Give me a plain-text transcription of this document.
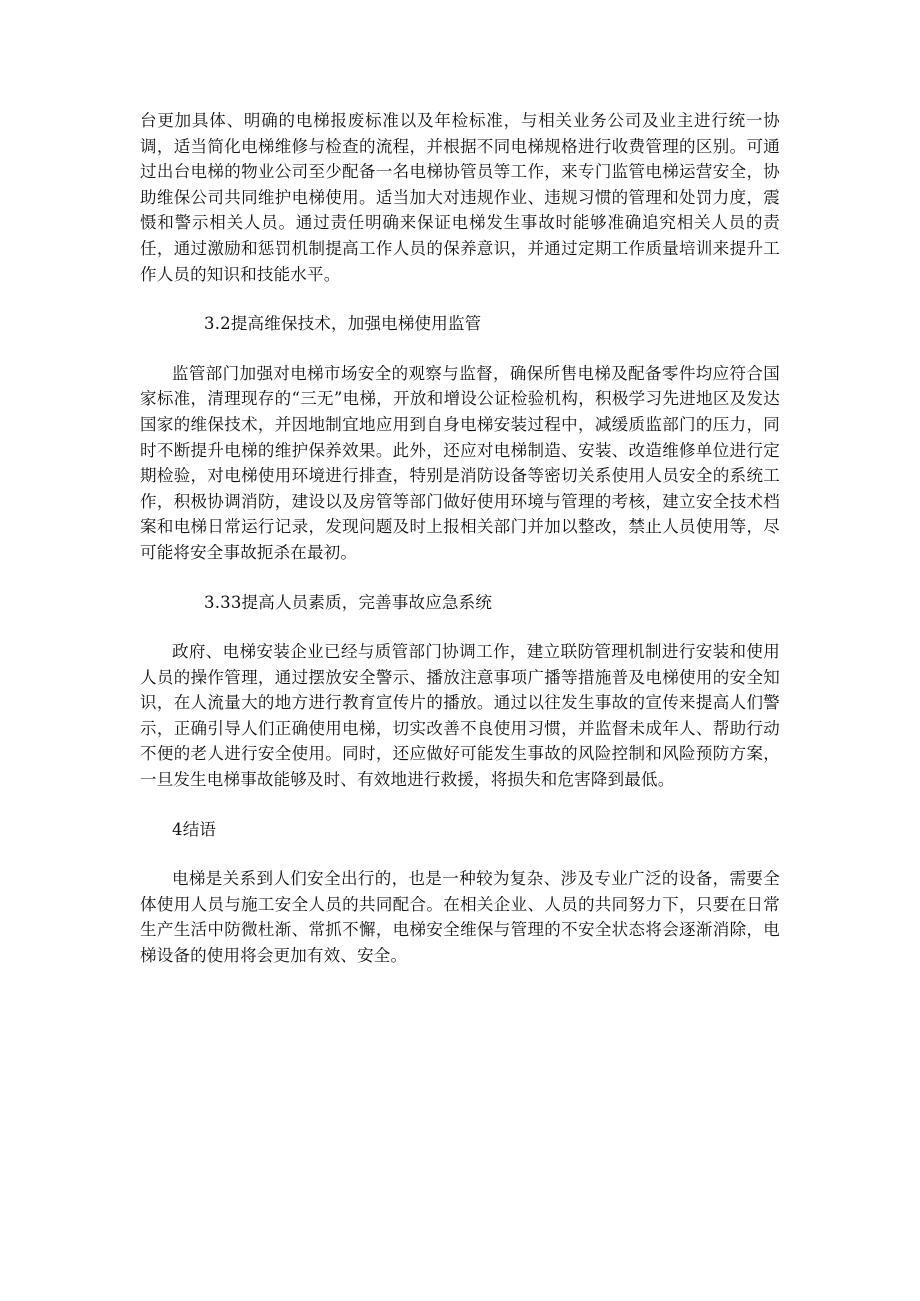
台更加具体、明确的电梯报废标准以及年检标准，与相关业务公司及业主进行统一协调，适当简化电梯维修与检查的流程，并根据不同电梯规格进行收费管理的区别。可通过出台电梯的物业公司至少配备一名电梯协管员等工作，来专门监管电梯运营安全，协助维保公司共同维护电梯使用。适当加大对违规作业、违规习惯的管理和处罚力度，震慑和警示相关人员。通过责任明确来保证电梯发生事故时能够准确追究相关人员的责任，通过激励和惩罚机制提高工作人员的保养意识，并通过定期工作质量培训来提升工作人员的知识和技能水平。

3.2提高维保技术，加强电梯使用监管

监管部门加强对电梯市场安全的观察与监督，确保所售电梯及配备零件均应符合国家标准，清理现存的“三无”电梯，开放和增设公证检验机构，积极学习先进地区及发达国家的维保技术，并因地制宜地应用到自身电梯安装过程中，减缓质监部门的压力，同时不断提升电梯的维护保养效果。此外，还应对电梯制造、安装、改造维修单位进行定期检验，对电梯使用环境进行排查，特别是消防设备等密切关系使用人员安全的系统工作，积极协调消防，建设以及房管等部门做好使用环境与管理的考核，建立安全技术档案和电梯日常运行记录，发现问题及时上报相关部门并加以整改，禁止人员使用等，尽可能将安全事故扼杀在最初。

3.33提高人员素质，完善事故应急系统

政府、电梯安装企业已经与质管部门协调工作，建立联防管理机制进行安装和使用人员的操作管理，通过摆放安全警示、播放注意事项广播等措施普及电梯使用的安全知识，在人流量大的地方进行教育宣传片的播放。通过以往发生事故的宣传来提高人们警示，正确引导人们正确使用电梯，切实改善不良使用习惯，并监督未成年人、帮助行动不便的老人进行安全使用。同时，还应做好可能发生事故的风险控制和风险预防方案，一旦发生电梯事故能够及时、有效地进行救援，将损失和危害降到最低。

4结语

电梯是关系到人们安全出行的，也是一种较为复杂、涉及专业广泛的设备，需要全体使用人员与施工安全人员的共同配合。在相关企业、人员的共同努力下，只要在日常生产生活中防微杜渐、常抓不懈，电梯安全维保与管理的不安全状态将会逐渐消除，电梯设备的使用将会更加有效、安全。
